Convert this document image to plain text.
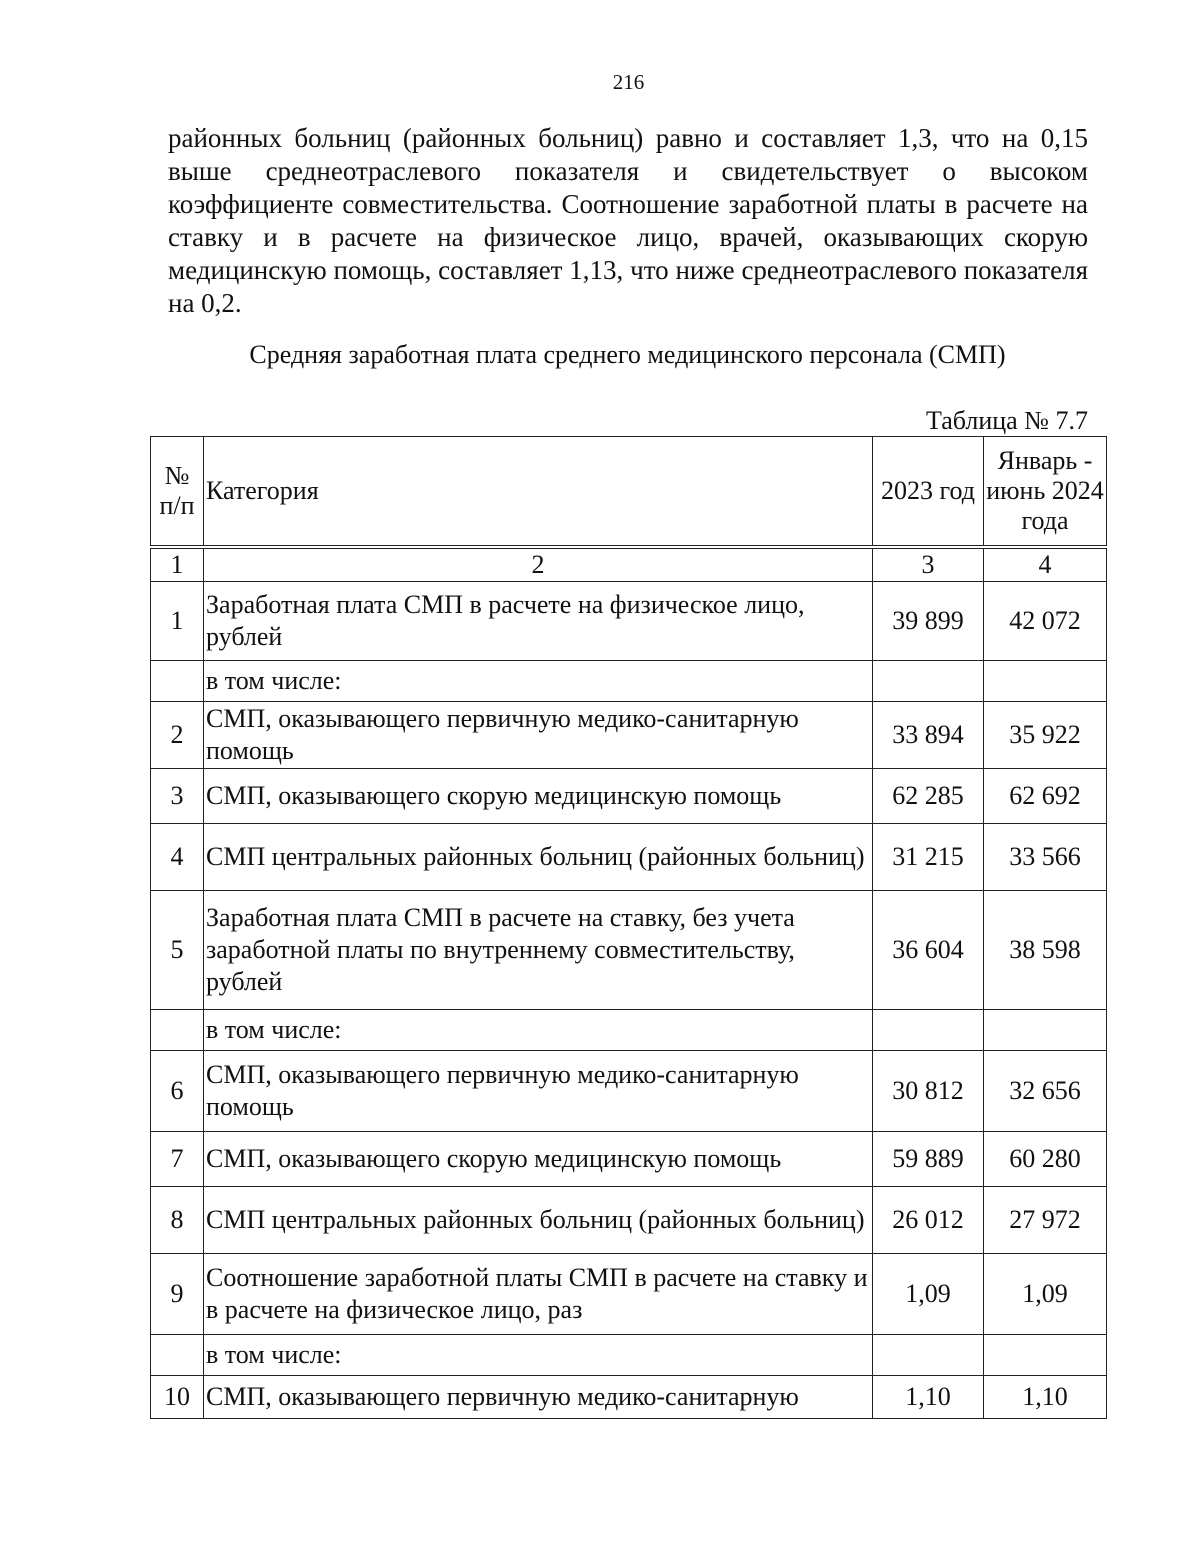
216

районных больниц (районных больниц) равно и составляет 1,3, что на 0,15 выше среднеотраслевого показателя и свидетельствует о высоком коэффициенте совместительства. Соотношение заработной платы в расчете на ставку и в расчете на физическое лицо, врачей, оказывающих скорую медицинскую помощь, составляет 1,13, что ниже среднеотраслевого показателя на 0,2.

Средняя заработная плата среднего медицинского персонала (СМП)

Таблица № 7.7
№ п/п	Категория	2023 год	Январь - июнь 2024 года
1	2	3	4
1	Заработная плата СМП в расчете на физическое лицо, рублей	39 899	42 072
	в том числе:		
2	СМП, оказывающего первичную медико-санитарную помощь	33 894	35 922
3	СМП, оказывающего скорую медицинскую помощь	62 285	62 692
4	СМП центральных районных больниц (районных больниц)	31 215	33 566
5	Заработная плата СМП в расчете на ставку, без учета заработной платы по внутреннему совместительству, рублей	36 604	38 598
	в том числе:		
6	СМП, оказывающего первичную медико-санитарную помощь	30 812	32 656
7	СМП, оказывающего скорую медицинскую помощь	59 889	60 280
8	СМП центральных районных больниц (районных больниц)	26 012	27 972
9	Соотношение заработной платы СМП в расчете на ставку и в расчете на физическое лицо, раз	1,09	1,09
	в том числе:		
10	СМП, оказывающего первичную медико-санитарную	1,10	1,10
